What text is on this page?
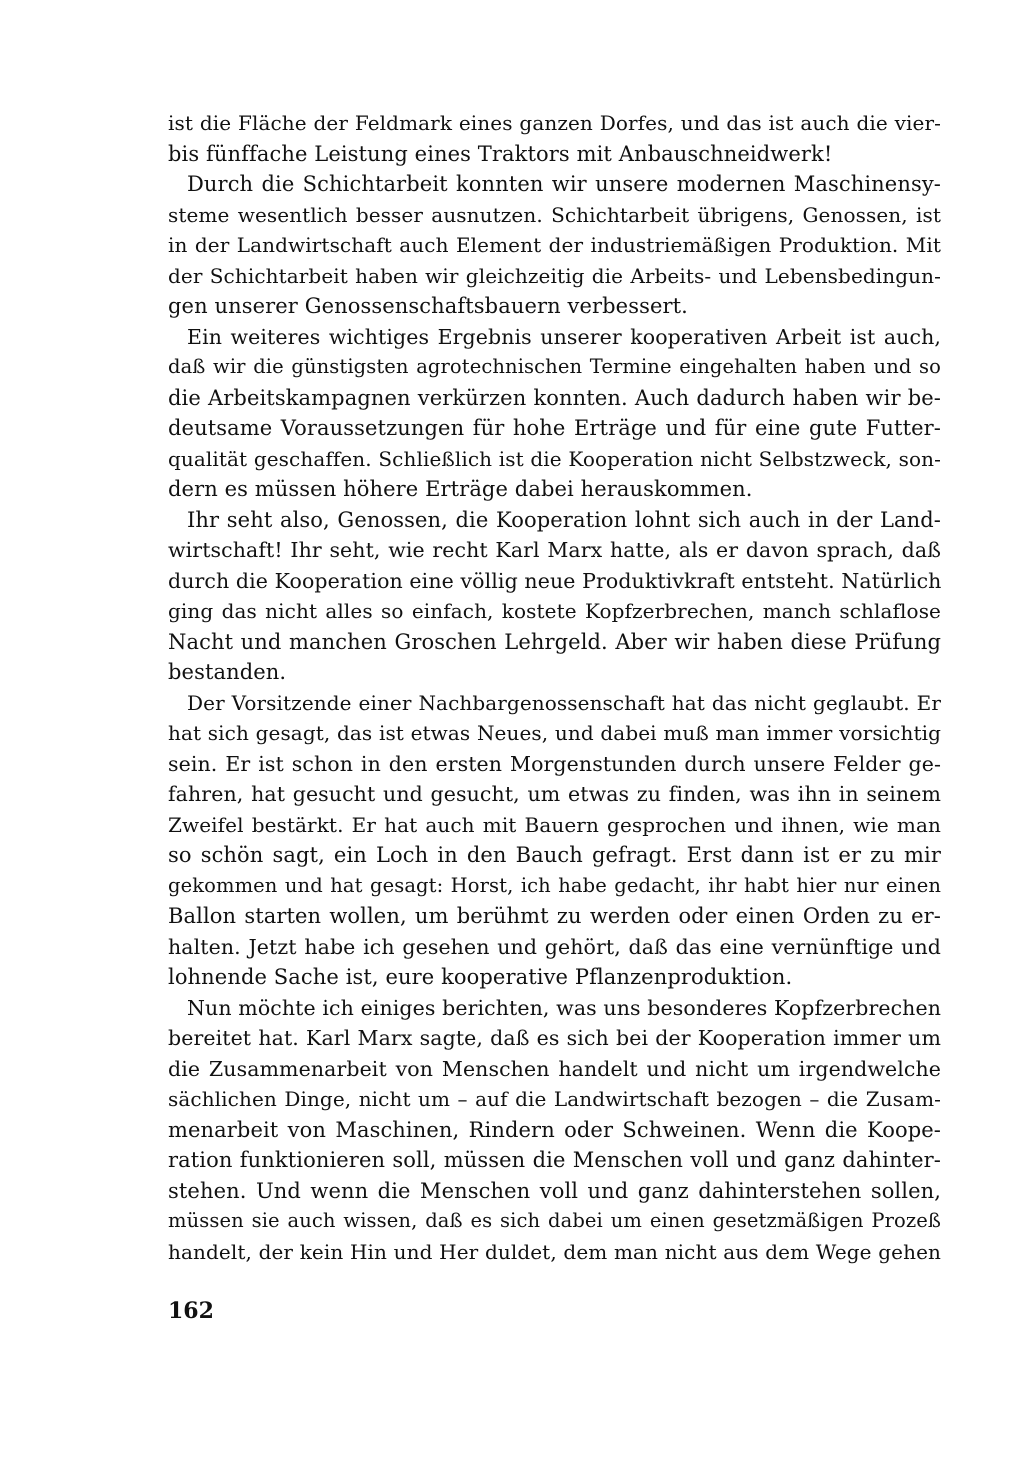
ist die Fläche der Feldmark eines ganzen Dorfes, und das ist auch die vier-
bis fünffache Leistung eines Traktors mit Anbauschneidwerk!
Durch die Schichtarbeit konnten wir unsere modernen Maschinensy-
steme wesentlich besser ausnutzen. Schichtarbeit übrigens, Genossen, ist
in der Landwirtschaft auch Element der industriemäßigen Produktion. Mit
der Schichtarbeit haben wir gleichzeitig die Arbeits- und Lebensbedingun-
gen unserer Genossenschaftsbauern verbessert.
Ein weiteres wichtiges Ergebnis unserer kooperativen Arbeit ist auch,
daß wir die günstigsten agrotechnischen Termine eingehalten haben und so
die Arbeitskampagnen verkürzen konnten. Auch dadurch haben wir be-
deutsame Voraussetzungen für hohe Erträge und für eine gute Futter-
qualität geschaffen. Schließlich ist die Kooperation nicht Selbstzweck, son-
dern es müssen höhere Erträge dabei herauskommen.
Ihr seht also, Genossen, die Kooperation lohnt sich auch in der Land-
wirtschaft! Ihr seht, wie recht Karl Marx hatte, als er davon sprach, daß
durch die Kooperation eine völlig neue Produktivkraft entsteht. Natürlich
ging das nicht alles so einfach, kostete Kopfzerbrechen, manch schlaflose
Nacht und manchen Groschen Lehrgeld. Aber wir haben diese Prüfung
bestanden.
Der Vorsitzende einer Nachbargenossenschaft hat das nicht geglaubt. Er
hat sich gesagt, das ist etwas Neues, und dabei muß man immer vorsichtig
sein. Er ist schon in den ersten Morgenstunden durch unsere Felder ge-
fahren, hat gesucht und gesucht, um etwas zu finden, was ihn in seinem
Zweifel bestärkt. Er hat auch mit Bauern gesprochen und ihnen, wie man
so schön sagt, ein Loch in den Bauch gefragt. Erst dann ist er zu mir
gekommen und hat gesagt: Horst, ich habe gedacht, ihr habt hier nur einen
Ballon starten wollen, um berühmt zu werden oder einen Orden zu er-
halten. Jetzt habe ich gesehen und gehört, daß das eine vernünftige und
lohnende Sache ist, eure kooperative Pflanzenproduktion.
Nun möchte ich einiges berichten, was uns besonderes Kopfzerbrechen
bereitet hat. Karl Marx sagte, daß es sich bei der Kooperation immer um
die Zusammenarbeit von Menschen handelt und nicht um irgendwelche
sächlichen Dinge, nicht um – auf die Landwirtschaft bezogen – die Zusam-
menarbeit von Maschinen, Rindern oder Schweinen. Wenn die Koope-
ration funktionieren soll, müssen die Menschen voll und ganz dahinter-
stehen. Und wenn die Menschen voll und ganz dahinterstehen sollen,
müssen sie auch wissen, daß es sich dabei um einen gesetzmäßigen Prozeß
handelt, der kein Hin und Her duldet, dem man nicht aus dem Wege gehen
162
